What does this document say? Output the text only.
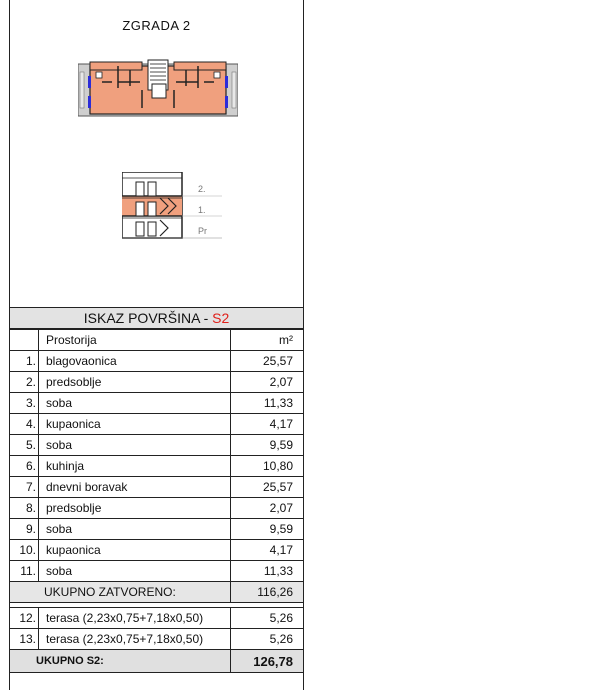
ZGRADA 2
2.
1.
Pr
ISKAZ POVRŠINA - S2
	Prostorija	m²
1.	blagovaonica	25,57
2.	predsoblje	2,07
3.	soba	11,33
4.	kupaonica	4,17
5.	soba	9,59
6.	kuhinja	10,80
7.	dnevni boravak	25,57
8.	predsoblje	2,07
9.	soba	9,59
10.	kupaonica	4,17
11.	soba	11,33
UKUPNO ZATVORENO:		116,26

12.	terasa (2,23x0,75+7,18x0,50)	5,26
13.	terasa (2,23x0,75+7,18x0,50)	5,26
UKUPNO S2:		126,78
